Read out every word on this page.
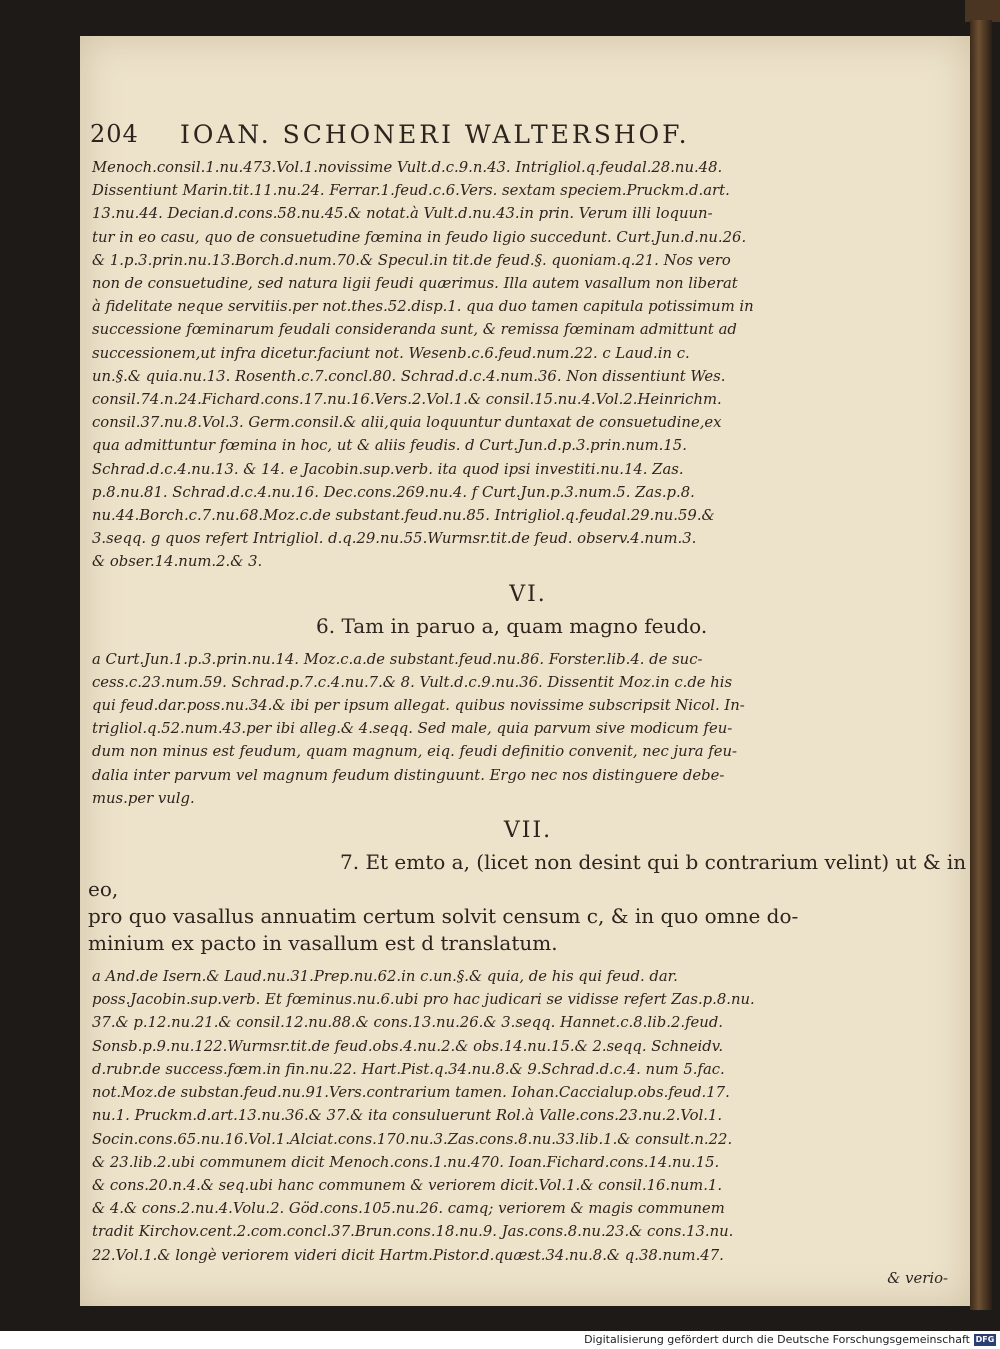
204 IOAN. SCHONERI WALTERSHOF.

Menoch.consil.1.nu.473.Vol.1.novissime Vult.d.c.9.n.43. Intrigliol.q.feudal.28.nu.48.

Dissentiunt Marin.tit.11.nu.24. Ferrar.1.feud.c.6.Vers. sextam speciem.Pruckm.d.art.

13.nu.44. Decian.d.cons.58.nu.45.& notat.à Vult.d.nu.43.in prin. Verum illi loquun-

tur in eo casu, quo de consuetudine fœmina in feudo ligio succedunt. Curt.Jun.d.nu.26.

& 1.p.3.prin.nu.13.Borch.d.num.70.& Specul.in tit.de feud.§. quoniam.q.21. Nos vero

non de consuetudine, sed natura ligii feudi quærimus. Illa autem vasallum non liberat

à fidelitate neque servitiis.per not.thes.52.disp.1. qua duo tamen capitula potissimum in

successione fœminarum feudali consideranda sunt, & remissa fœminam admittunt ad

successionem,ut infra dicetur.faciunt not. Wesenb.c.6.feud.num.22. c Laud.in c.

un.§.& quia.nu.13. Rosenth.c.7.concl.80. Schrad.d.c.4.num.36. Non dissentiunt Wes.

consil.74.n.24.Fichard.cons.17.nu.16.Vers.2.Vol.1.& consil.15.nu.4.Vol.2.Heinrichm.

consil.37.nu.8.Vol.3. Germ.consil.& alii,quia loquuntur duntaxat de consuetudine,ex

qua admittuntur fœmina in hoc, ut & aliis feudis. d Curt.Jun.d.p.3.prin.num.15.

Schrad.d.c.4.nu.13. & 14. e Jacobin.sup.verb. ita quod ipsi investiti.nu.14. Zas.

p.8.nu.81. Schrad.d.c.4.nu.16. Dec.cons.269.nu.4. f Curt.Jun.p.3.num.5. Zas.p.8.

nu.44.Borch.c.7.nu.68.Moz.c.de substant.feud.nu.85. Intrigliol.q.feudal.29.nu.59.&

3.seqq. g quos refert Intrigliol. d.q.29.nu.55.Wurmsr.tit.de feud. observ.4.num.3.

& obser.14.num.2.& 3.

VI.

6. Tam in paruo a, quam magno feudo.

a Curt.Jun.1.p.3.prin.nu.14. Moz.c.a.de substant.feud.nu.86. Forster.lib.4. de suc-

cess.c.23.num.59. Schrad.p.7.c.4.nu.7.& 8. Vult.d.c.9.nu.36. Dissentit Moz.in c.de his

qui feud.dar.poss.nu.34.& ibi per ipsum allegat. quibus novissime subscripsit Nicol. In-

trigliol.q.52.num.43.per ibi alleg.& 4.seqq. Sed male, quia parvum sive modicum feu-

dum non minus est feudum, quam magnum, eiq. feudi definitio convenit, nec jura feu-

dalia inter parvum vel magnum feudum distinguunt. Ergo nec nos distinguere debe-

mus.per vulg.

VII.

7. Et emto a, (licet non desint qui b contrarium velint) ut & in eo,

pro quo vasallus annuatim certum solvit censum c, & in quo omne do-

minium ex pacto in vasallum est d translatum.

a And.de Isern.& Laud.nu.31.Prep.nu.62.in c.un.§.& quia, de his qui feud. dar.

poss.Jacobin.sup.verb. Et fœminus.nu.6.ubi pro hac judicari se vidisse refert Zas.p.8.nu.

37.& p.12.nu.21.& consil.12.nu.88.& cons.13.nu.26.& 3.seqq. Hannet.c.8.lib.2.feud.

Sonsb.p.9.nu.122.Wurmsr.tit.de feud.obs.4.nu.2.& obs.14.nu.15.& 2.seqq. Schneidv.

d.rubr.de success.fœm.in fin.nu.22. Hart.Pist.q.34.nu.8.& 9.Schrad.d.c.4. num 5.fac.

not.Moz.de substan.feud.nu.91.Vers.contrarium tamen. Iohan.Caccialup.obs.feud.17.

nu.1. Pruckm.d.art.13.nu.36.& 37.& ita consuluerunt Rol.à Valle.cons.23.nu.2.Vol.1.

Socin.cons.65.nu.16.Vol.1.Alciat.cons.170.nu.3.Zas.cons.8.nu.33.lib.1.& consult.n.22.

& 23.lib.2.ubi communem dicit Menoch.cons.1.nu.470. Ioan.Fichard.cons.14.nu.15.

& cons.20.n.4.& seq.ubi hanc communem & veriorem dicit.Vol.1.& consil.16.num.1.

& 4.& cons.2.nu.4.Volu.2. Göd.cons.105.nu.26. camq; veriorem & magis communem

tradit Kirchov.cent.2.com.concl.37.Brun.cons.18.nu.9. Jas.cons.8.nu.23.& cons.13.nu.

22.Vol.1.& longè veriorem videri dicit Hartm.Pistor.d.quæst.34.nu.8.& q.38.num.47.

& verio-

Digitalisierung gefördert durch die Deutsche Forschungsgemeinschaft DFG
